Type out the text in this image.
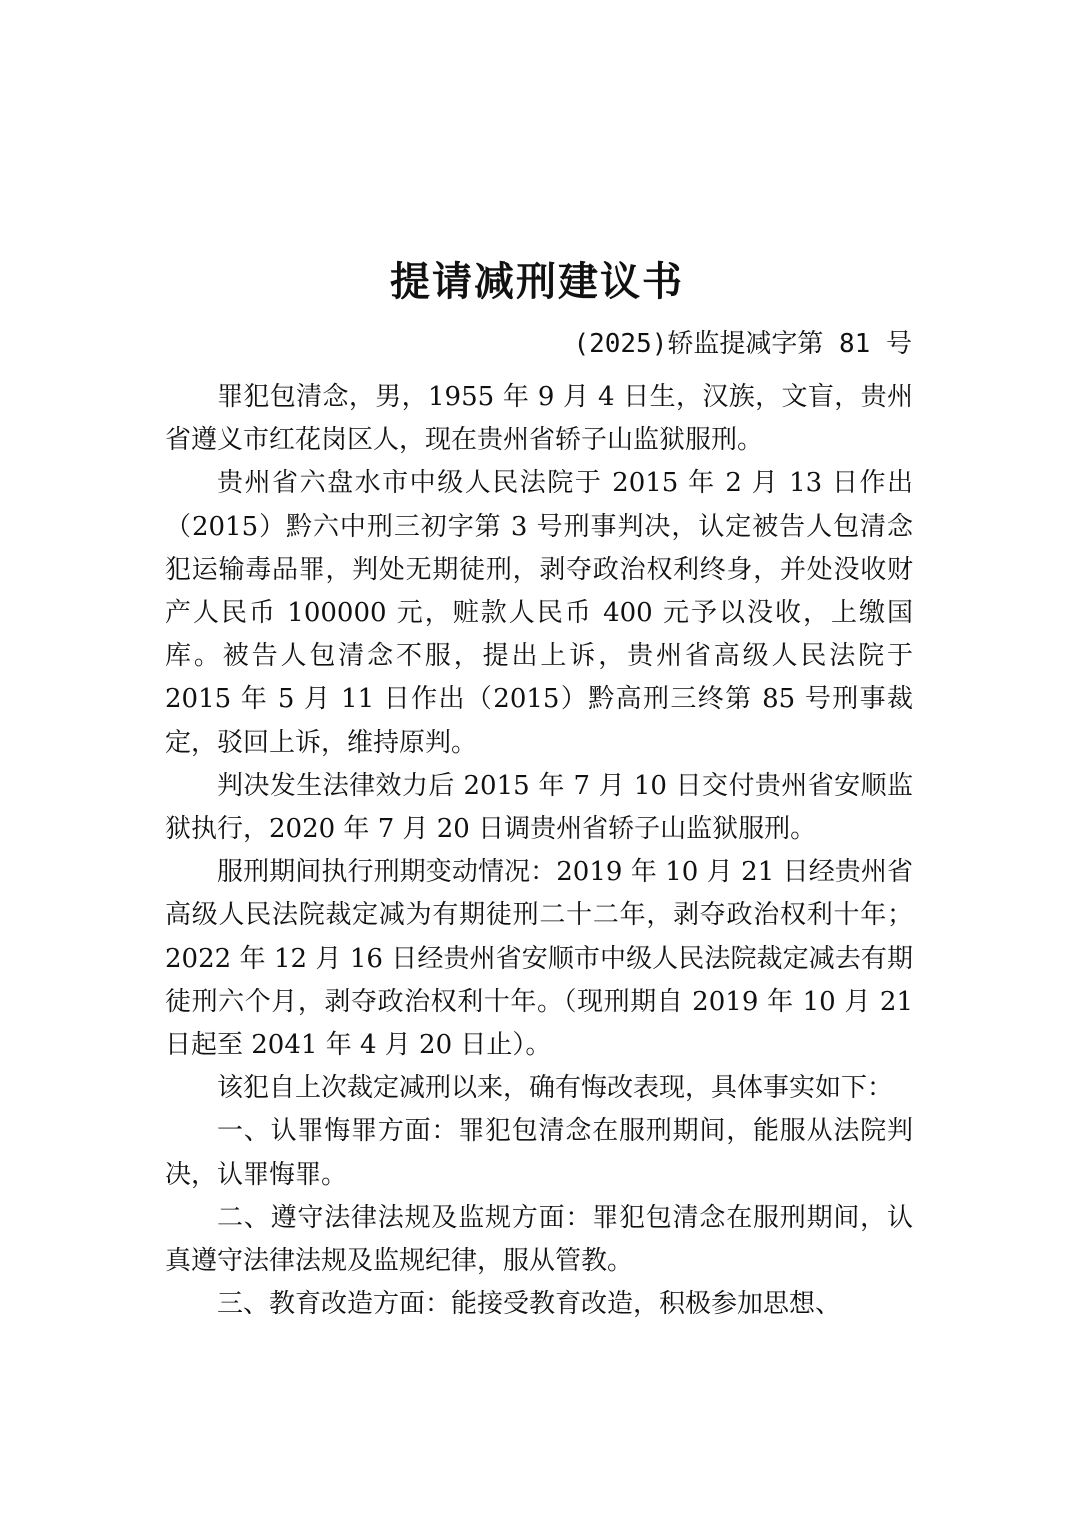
提请减刑建议书
(2025)轿监提减字第 81 号

罪犯包清念，男，1955 年 9 月 4 日生，汉族，文盲，贵州省遵义市红花岗区人，现在贵州省轿子山监狱服刑。

贵州省六盘水市中级人民法院于 2015 年 2 月 13 日作出（2015）黔六中刑三初字第 3 号刑事判决，认定被告人包清念犯运输毒品罪，判处无期徒刑，剥夺政治权利终身，并处没收财产人民币 100000 元，赃款人民币 400 元予以没收，上缴国库。被告人包清念不服，提出上诉，贵州省高级人民法院于 2015 年 5 月 11 日作出（2015）黔高刑三终第 85 号刑事裁定，驳回上诉，维持原判。

判决发生法律效力后 2015 年 7 月 10 日交付贵州省安顺监狱执行，2020 年 7 月 20 日调贵州省轿子山监狱服刑。

服刑期间执行刑期变动情况：2019 年 10 月 21 日经贵州省高级人民法院裁定减为有期徒刑二十二年，剥夺政治权利十年；2022 年 12 月 16 日经贵州省安顺市中级人民法院裁定减去有期徒刑六个月，剥夺政治权利十年。（现刑期自 2019 年 10 月 21 日起至 2041 年 4 月 20 日止）。

该犯自上次裁定减刑以来，确有悔改表现，具体事实如下：

一、认罪悔罪方面：罪犯包清念在服刑期间，能服从法院判决，认罪悔罪。

二、遵守法律法规及监规方面：罪犯包清念在服刑期间，认真遵守法律法规及监规纪律，服从管教。

三、教育改造方面：能接受教育改造，积极参加思想、
